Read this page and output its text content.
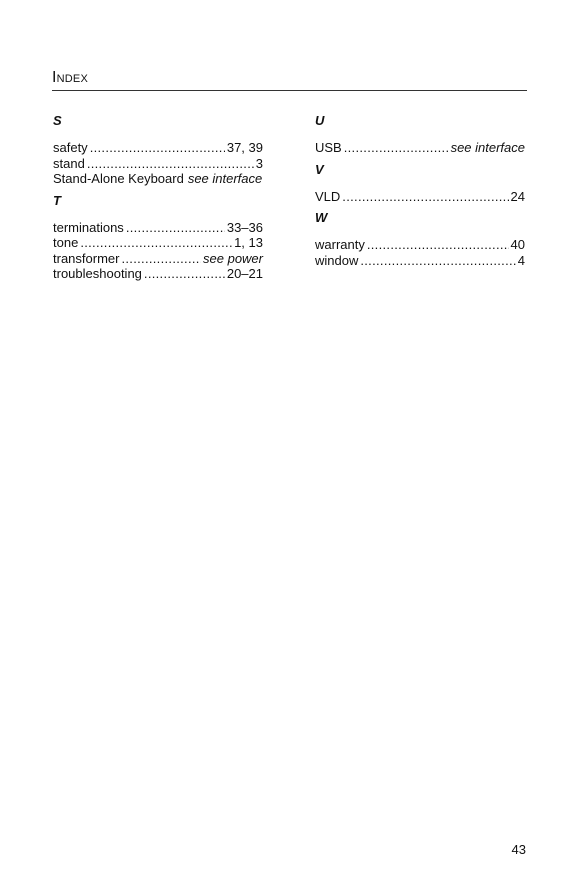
Index
S
safety .....	37, 39
stand .....	3
Stand-Alone Keyboard see interface
T
terminations .....	33–36
tone .....	1, 13
transformer .....	see power
troubleshooting .....	20–21
U
USB .....	see interface
V
VLD .....	24
W
warranty .....	40
window .....	4
43
